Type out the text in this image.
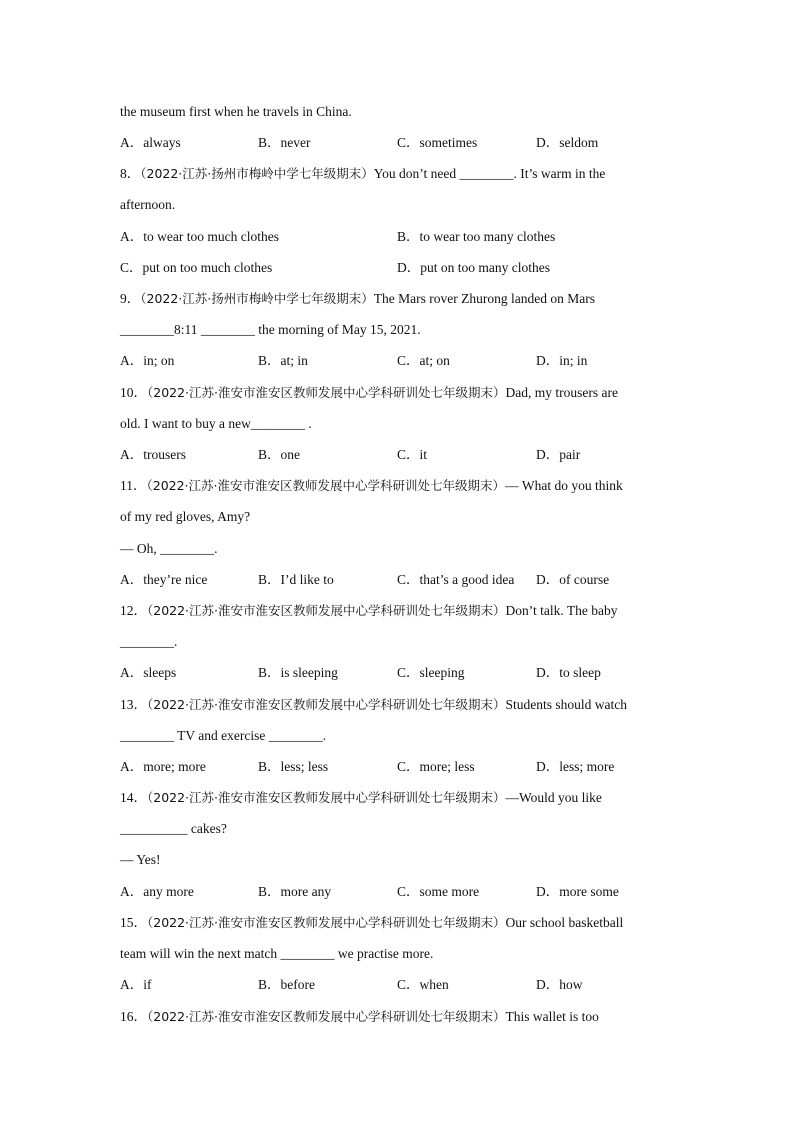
the museum first when he travels in China.
A．always	B．never	C．sometimes	D．seldom
8．（2022·江苏·扬州市梅岭中学七年级期末）You don’t need ________. It’s warm in the
afternoon.
A．to wear too much clothes	B．to wear too many clothes
C．put on too much clothes	D．put on too many clothes
9．（2022·江苏·扬州市梅岭中学七年级期末）The Mars rover Zhurong landed on Mars
________8:11 ________ the morning of May 15, 2021.
A．in; on	B．at; in	C．at; on	D．in; in
10．（2022·江苏·淮安市淮安区教师发展中心学科研训处七年级期末）Dad, my trousers are
old. I want to buy a new________ .
A．trousers	B．one	C．it	D．pair
11．（2022·江苏·淮安市淮安区教师发展中心学科研训处七年级期末）— What do you think
of my red gloves, Amy?
— Oh, ________.
A．they’re nice	B．I’d like to	C．that’s a good idea D．of course
12．（2022·江苏·淮安市淮安区教师发展中心学科研训处七年级期末）Don’t talk. The baby
________.
A．sleeps	B．is sleeping	C．sleeping	D．to sleep
13．（2022·江苏·淮安市淮安区教师发展中心学科研训处七年级期末）Students should watch
________ TV and exercise ________.
A．more; more	B．less; less	C．more; less	D．less; more
14．（2022·江苏·淮安市淮安区教师发展中心学科研训处七年级期末）—Would you like
__________ cakes?
— Yes!
A．any more	B．more any	C．some more	D．more some
15．（2022·江苏·淮安市淮安区教师发展中心学科研训处七年级期末）Our school basketball
team will win the next match ________ we practise more.
A．if	B．before	C．when	D．how
16．（2022·江苏·淮安市淮安区教师发展中心学科研训处七年级期末）This wallet is too
